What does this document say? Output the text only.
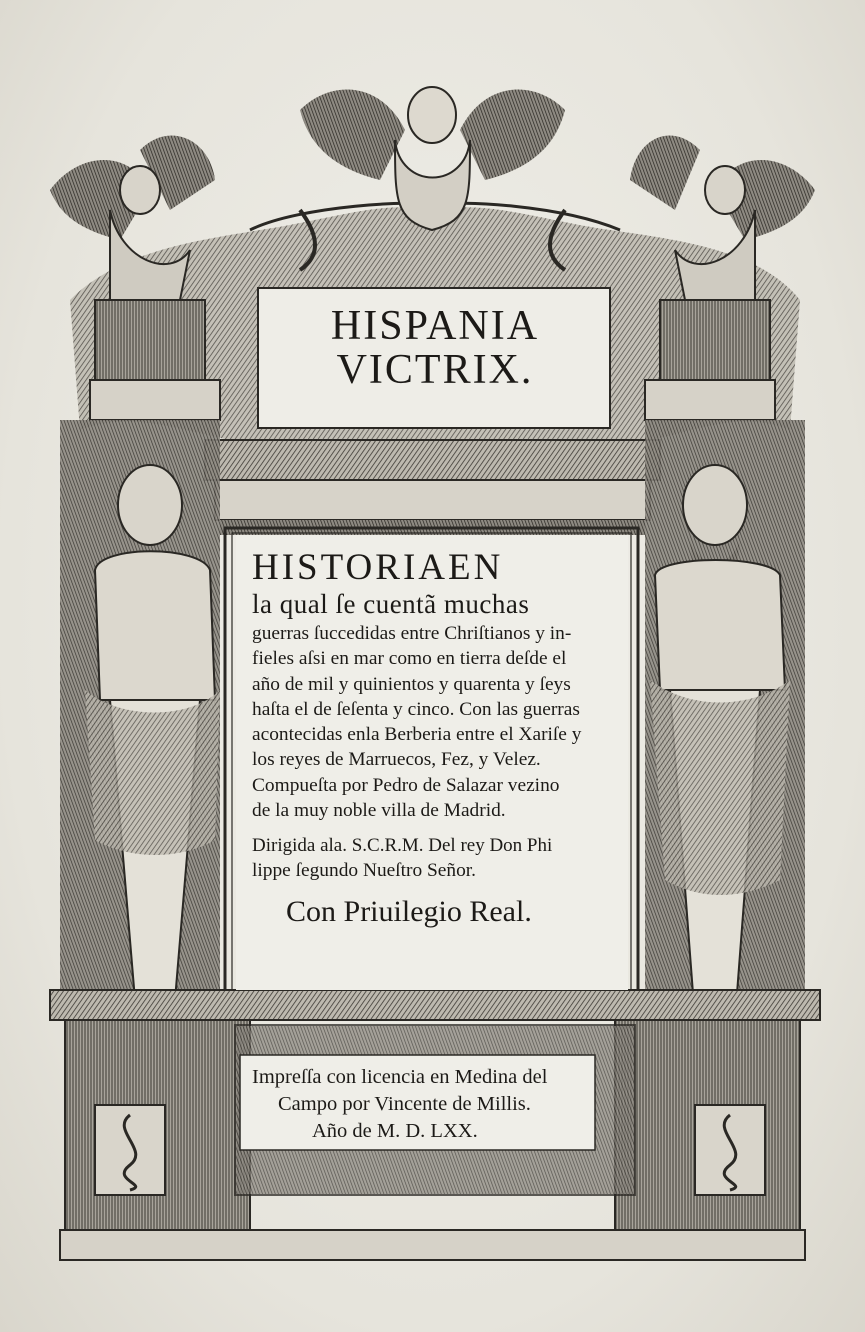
HISPANIA
VICTRIX.
HISTORIAEN
la qual ſe cuentã muchas
guerras ſuccedidas entre Chriſtianos y in-
fieles aſsi en mar como en tierra deſde el
año de mil y quinientos y quarenta y ſeys
haſta el de ſeſenta y cinco. Con las guerras
acontecidas enla Berberia entre el Xariſe y
los reyes de Marruecos, Fez, y Velez.
Compueſta por Pedro de Salazar vezino
de la muy noble villa de Madrid.
Dirigida ala. S.C.R.M. Del rey Don Phi
lippe ſegundo Nueſtro Señor.
Con Priuilegio Real.
Impreſſa con licencia en Medina del
Campo por Vincente de Millis.
Año de M. D. LXX.
